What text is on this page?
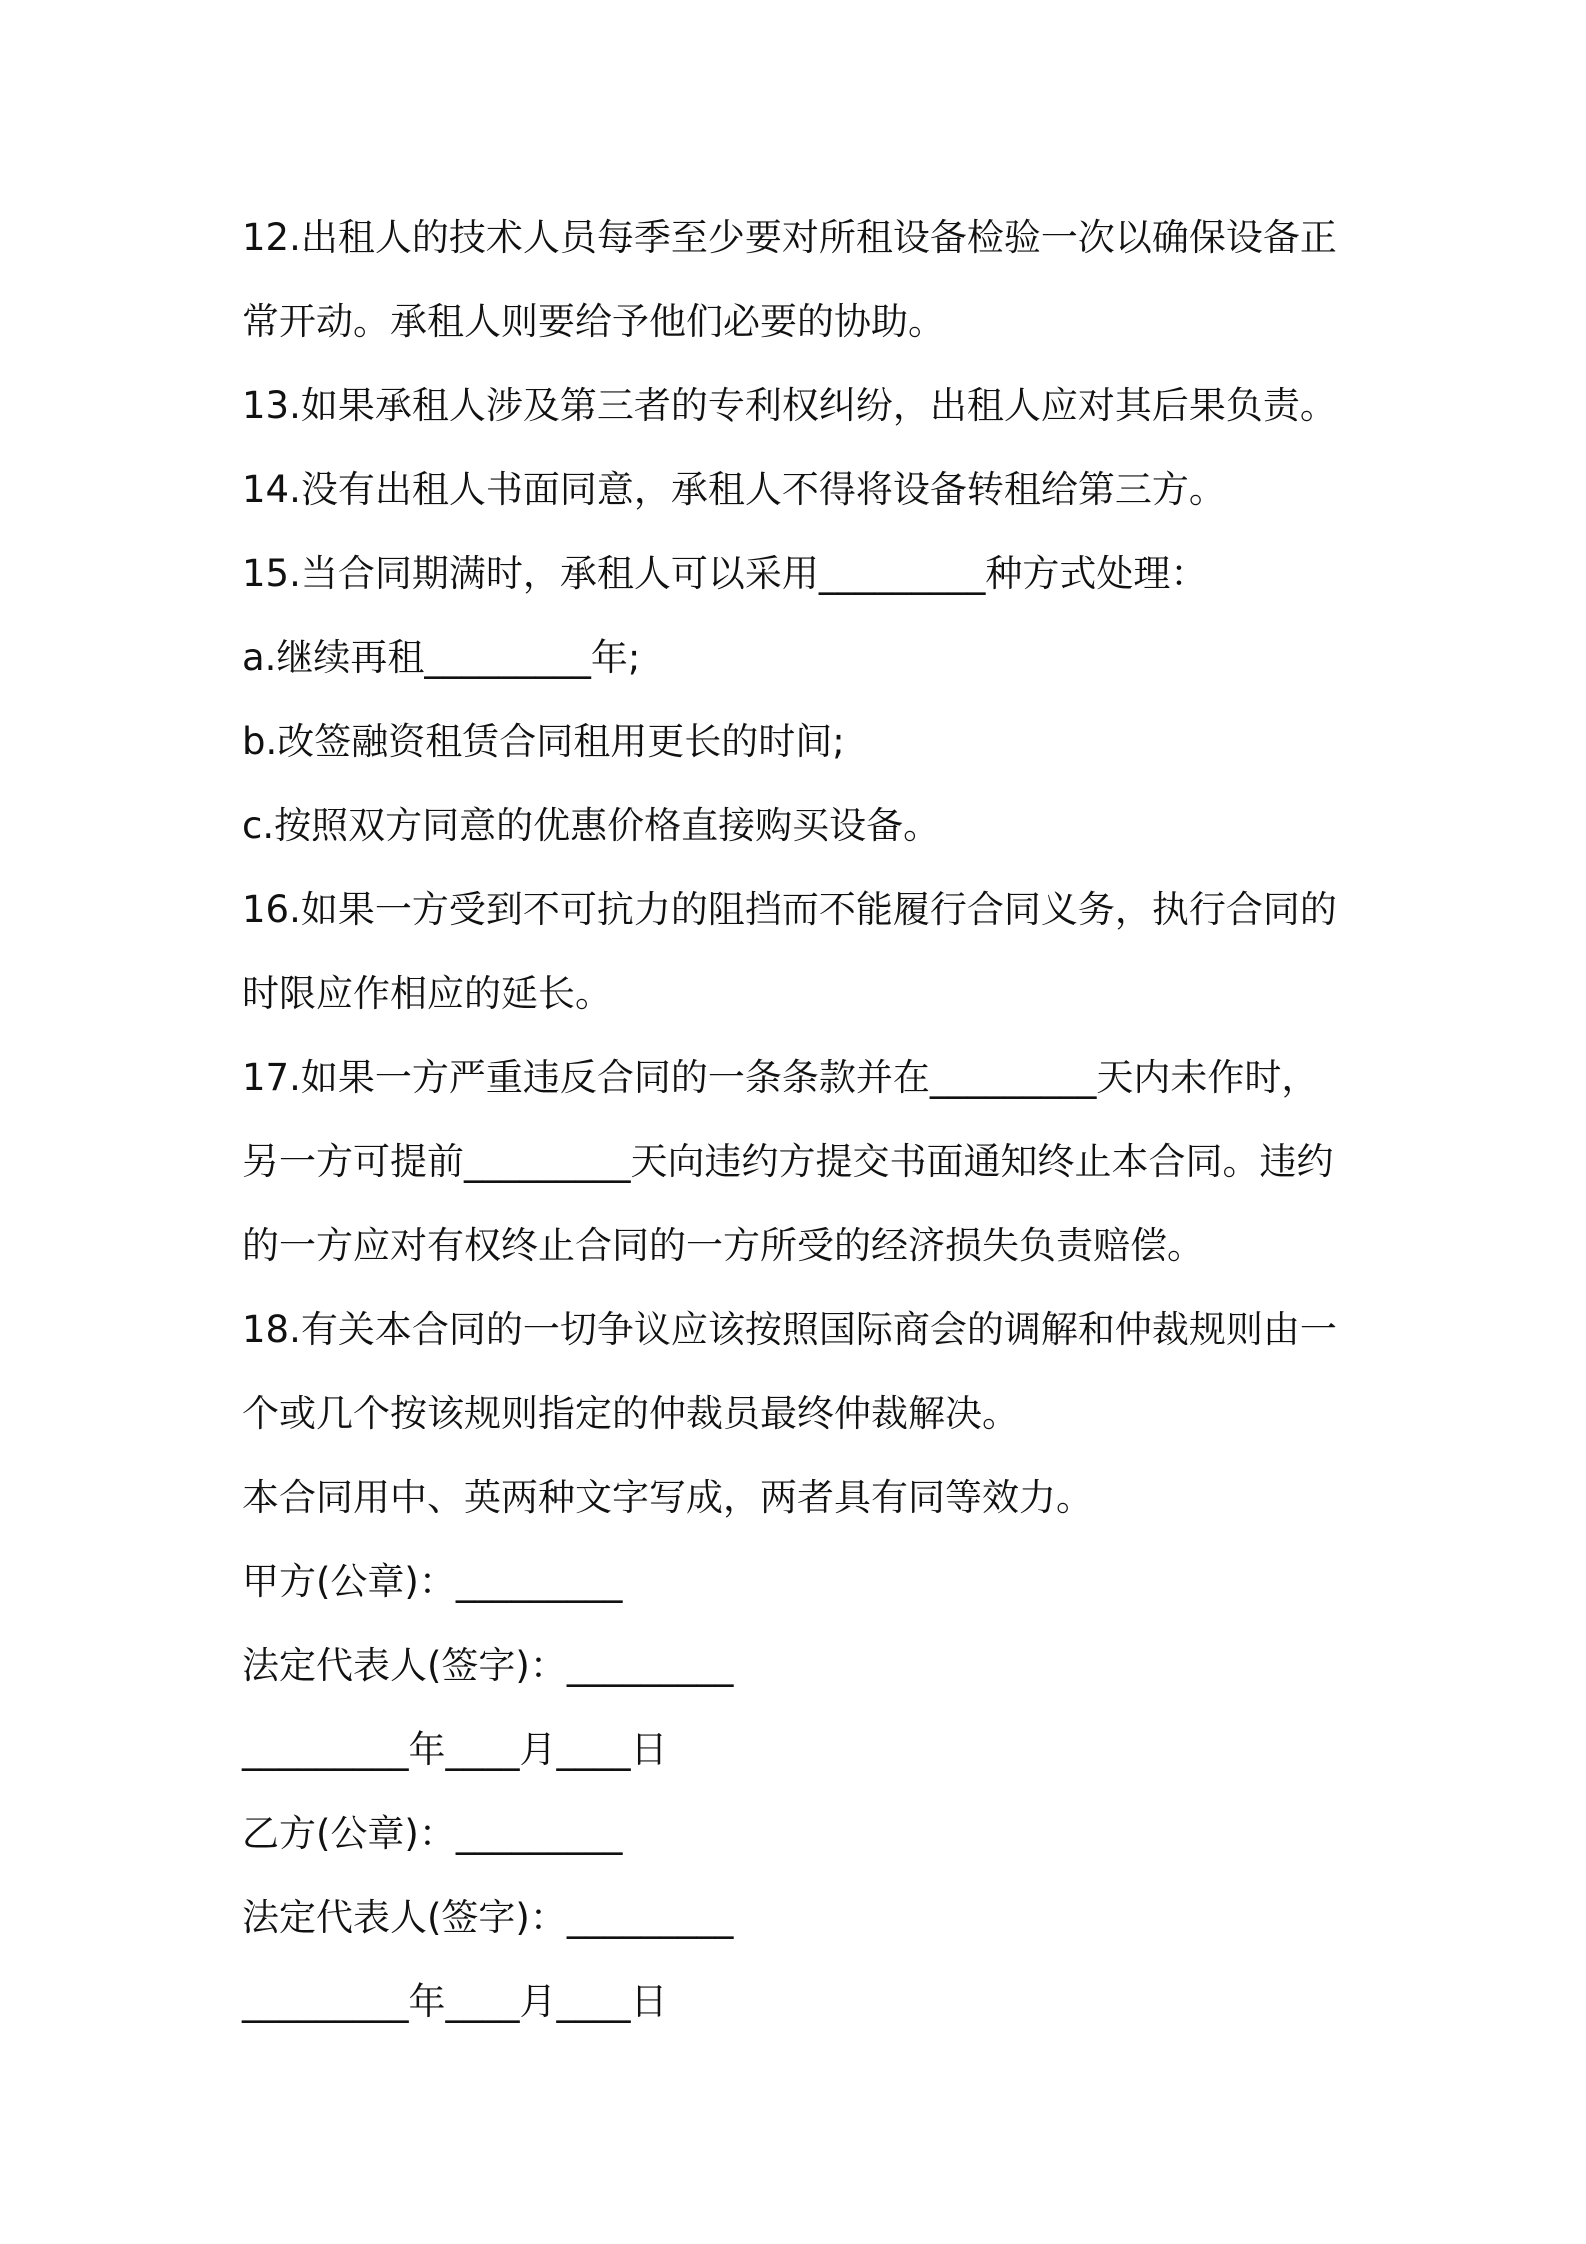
12.出租人的技术人员每季至少要对所租设备检验一次以确保设备正
常开动。承租人则要给予他们必要的协助。
13.如果承租人涉及第三者的专利权纠纷，出租人应对其后果负责。
14.没有出租人书面同意，承租人不得将设备转租给第三方。
15.当合同期满时，承租人可以采用_________种方式处理：
a.继续再租_________年;
b.改签融资租赁合同租用更长的时间;
c.按照双方同意的优惠价格直接购买设备。
16.如果一方受到不可抗力的阻挡而不能履行合同义务，执行合同的
时限应作相应的延长。
17.如果一方严重违反合同的一条条款并在_________天内未作时，
另一方可提前_________天向违约方提交书面通知终止本合同。违约
的一方应对有权终止合同的一方所受的经济损失负责赔偿。
18.有关本合同的一切争议应该按照国际商会的调解和仲裁规则由一
个或几个按该规则指定的仲裁员最终仲裁解决。
本合同用中、英两种文字写成，两者具有同等效力。
甲方(公章)：_________
法定代表人(签字)：_________
_________年____月____日
乙方(公章)：_________
法定代表人(签字)：_________
_________年____月____日
